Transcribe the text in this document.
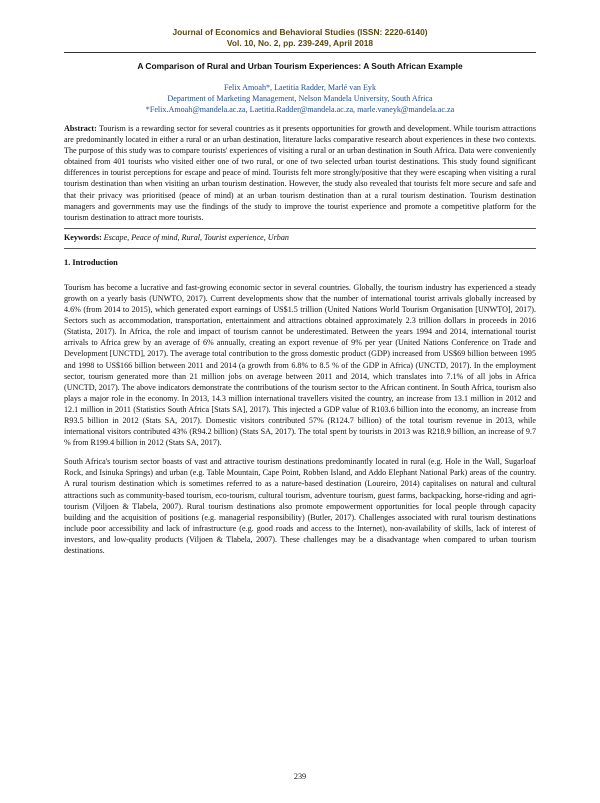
Journal of Economics and Behavioral Studies (ISSN: 2220-6140)
Vol. 10, No. 2, pp. 239-249, April 2018
A Comparison of Rural and Urban Tourism Experiences: A South African Example
Felix Amoah*, Laetitia Radder, Marlé van Eyk
Department of Marketing Management, Nelson Mandela University, South Africa
*Felix.Amoah@mandela.ac.za, Laetitia.Radder@mandela.ac.za, marle.vaneyk@mandela.ac.za
Abstract: Tourism is a rewarding sector for several countries as it presents opportunities for growth and development. While tourism attractions are predominantly located in either a rural or an urban destination, literature lacks comparative research about experiences in these two contexts. The purpose of this study was to compare tourists' experiences of visiting a rural or an urban destination in South Africa. Data were conveniently obtained from 401 tourists who visited either one of two rural, or one of two selected urban tourist destinations. This study found significant differences in tourist perceptions for escape and peace of mind. Tourists felt more strongly/positive that they were escaping when visiting a rural tourism destination than when visiting an urban tourism destination. However, the study also revealed that tourists felt more secure and safe and that their privacy was prioritised (peace of mind) at an urban tourism destination than at a rural tourism destination. Tourism destination managers and governments may use the findings of the study to improve the tourist experience and promote a competitive platform for the tourism destination to attract more tourists.
Keywords: Escape, Peace of mind, Rural, Tourist experience, Urban
1. Introduction
Tourism has become a lucrative and fast-growing economic sector in several countries. Globally, the tourism industry has experienced a steady growth on a yearly basis (UNWTO, 2017). Current developments show that the number of international tourist arrivals globally increased by 4.6% (from 2014 to 2015), which generated export earnings of US$1.5 trillion (United Nations World Tourism Organisation [UNWTO], 2017). Sectors such as accommodation, transportation, entertainment and attractions obtained approximately 2.3 trillion dollars in proceeds in 2016 (Statista, 2017). In Africa, the role and impact of tourism cannot be underestimated. Between the years 1994 and 2014, international tourist arrivals to Africa grew by an average of 6% annually, creating an export revenue of 9% per year (United Nations Conference on Trade and Development [UNCTD], 2017). The average total contribution to the gross domestic product (GDP) increased from US$69 billion between 1995 and 1998 to US$166 billion between 2011 and 2014 (a growth from 6.8% to 8.5 % of the GDP in Africa) (UNCTD, 2017). In the employment sector, tourism generated more than 21 million jobs on average between 2011 and 2014, which translates into 7.1% of all jobs in Africa (UNCTD, 2017). The above indicators demonstrate the contributions of the tourism sector to the African continent. In South Africa, tourism also plays a major role in the economy. In 2013, 14.3 million international travellers visited the country, an increase from 13.1 million in 2012 and 12.1 million in 2011 (Statistics South Africa [Stats SA], 2017). This injected a GDP value of R103.6 billion into the economy, an increase from R93.5 billion in 2012 (Stats SA, 2017). Domestic visitors contributed 57% (R124.7 billion) of the total tourism revenue in 2013, while international visitors contributed 43% (R94.2 billion) (Stats SA, 2017). The total spent by tourists in 2013 was R218.9 billion, an increase of 9.7 % from R199.4 billion in 2012 (Stats SA, 2017).
South Africa's tourism sector boasts of vast and attractive tourism destinations predominantly located in rural (e.g. Hole in the Wall, Sugarloaf Rock, and Isinuka Springs) and urban (e.g. Table Mountain, Cape Point, Robben Island, and Addo Elephant National Park) areas of the country. A rural tourism destination which is sometimes referred to as a nature-based destination (Loureiro, 2014) capitalises on natural and cultural attractions such as community-based tourism, eco-tourism, cultural tourism, adventure tourism, guest farms, backpacking, horse-riding and agri-tourism (Viljoen & Tlabela, 2007). Rural tourism destinations also promote empowerment opportunities for local people through capacity building and the acquisition of positions (e.g. managerial responsibility) (Butler, 2017). Challenges associated with rural tourism destinations include poor accessibility and lack of infrastructure (e.g. good roads and access to the Internet), non-availability of skills, lack of interest of investors, and low-quality products (Viljoen & Tlabela, 2007). These challenges may be a disadvantage when compared to urban tourism destinations.
239
